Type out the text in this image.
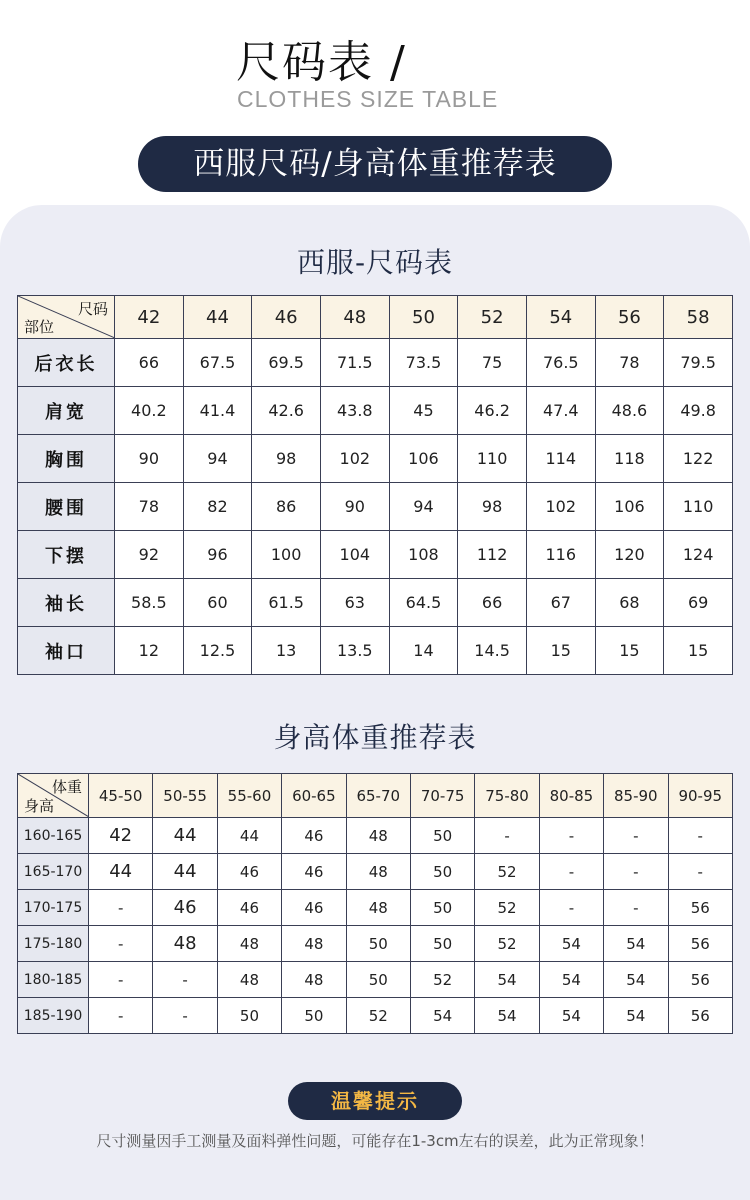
尺码表 /
CLOTHES SIZE TABLE
西服尺码/身高体重推荐表
西服-尺码表
尺码
部位	42	44	46	48	50	52	54	56	58
后衣长	66	67.5	69.5	71.5	73.5	75	76.5	78	79.5
肩宽	40.2	41.4	42.6	43.8	45	46.2	47.4	48.6	49.8
胸围	90	94	98	102	106	110	114	118	122
腰围	78	82	86	90	94	98	102	106	110
下摆	92	96	100	104	108	112	116	120	124
袖长	58.5	60	61.5	63	64.5	66	67	68	69
袖口	12	12.5	13	13.5	14	14.5	15	15	15
身高体重推荐表
体重
身高	45-50	50-55	55-60	60-65	65-70	70-75	75-80	80-85	85-90	90-95
160-165	42	44	44	46	48	50	-	-	-	-
165-170	44	44	46	46	48	50	52	-	-	-
170-175	-	46	46	46	48	50	52	-	-	56
175-180	-	48	48	48	50	50	52	54	54	56
180-185	-	-	48	48	50	52	54	54	54	56
185-190	-	-	50	50	52	54	54	54	54	56
温馨提示
尺寸测量因手工测量及面料弹性问题，可能存在1-3cm左右的误差，此为正常现象！
